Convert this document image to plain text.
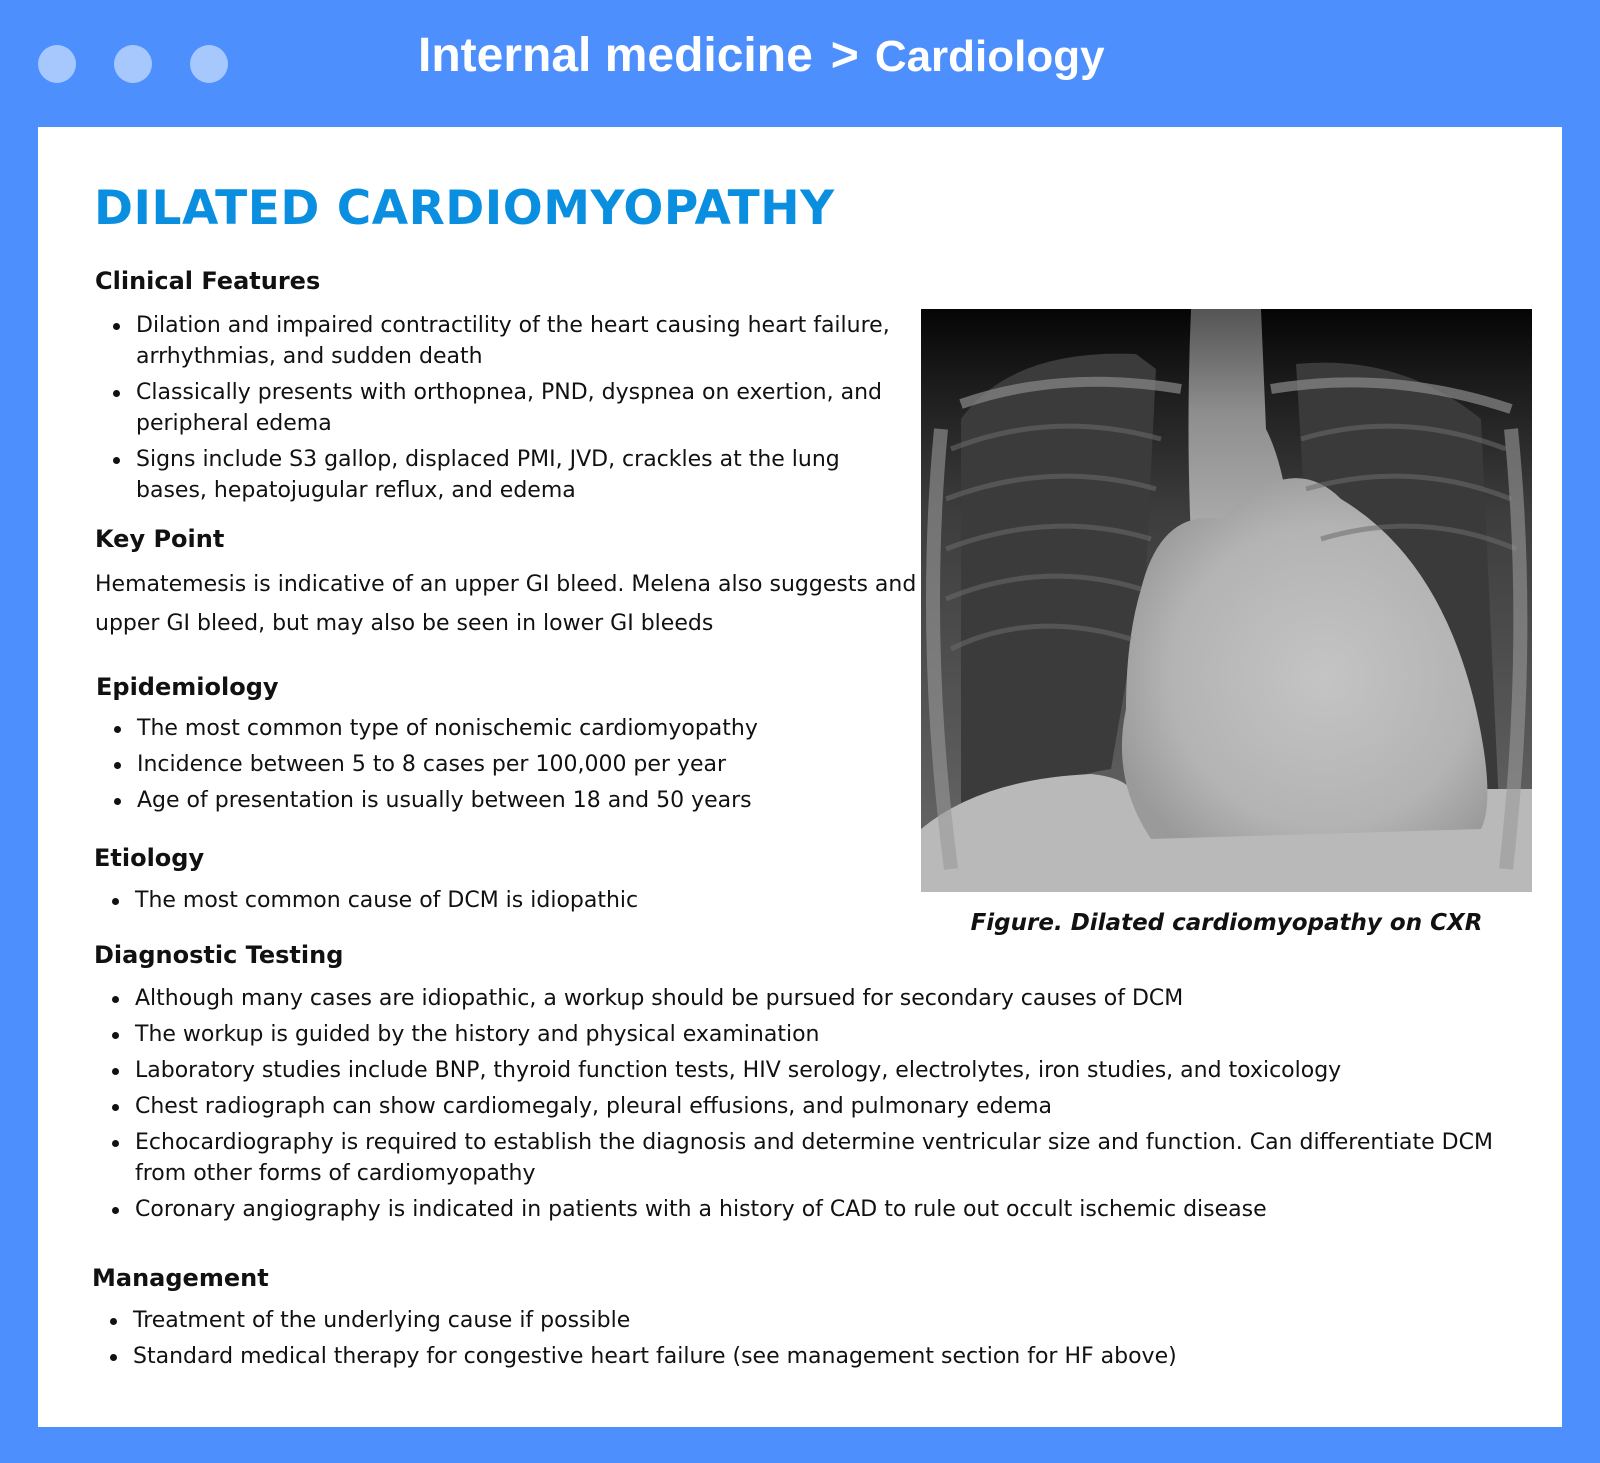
Internal medicine > Cardiology
DILATED CARDIOMYOPATHY
Clinical Features
Dilation and impaired contractility of the heart causing heart failure, arrhythmias, and sudden death
Classically presents with orthopnea, PND, dyspnea on exertion, and peripheral edema
Signs include S3 gallop, displaced PMI, JVD, crackles at the lung bases, hepatojugular reflux, and edema
Key Point

Hematemesis is indicative of an upper GI bleed. Melena also suggests and upper GI bleed, but may also be seen in lower GI bleeds

Epidemiology
The most common type of nonischemic cardiomyopathy
Incidence between 5 to 8 cases per 100,000 per year
Age of presentation is usually between 18 and 50 years
Etiology
The most common cause of DCM is idiopathic

Figure. Dilated cardiomyopathy on CXR

Diagnostic Testing
Although many cases are idiopathic, a workup should be pursued for secondary causes of DCM
The workup is guided by the history and physical examination
Laboratory studies include BNP, thyroid function tests, HIV serology, electrolytes, iron studies, and toxicology
Chest radiograph can show cardiomegaly, pleural effusions, and pulmonary edema
Echocardiography is required to establish the diagnosis and determine ventricular size and function. Can differentiate DCM from other forms of cardiomyopathy
Coronary angiography is indicated in patients with a history of CAD to rule out occult ischemic disease
Management
Treatment of the underlying cause if possible
Standard medical therapy for congestive heart failure (see management section for HF above)
